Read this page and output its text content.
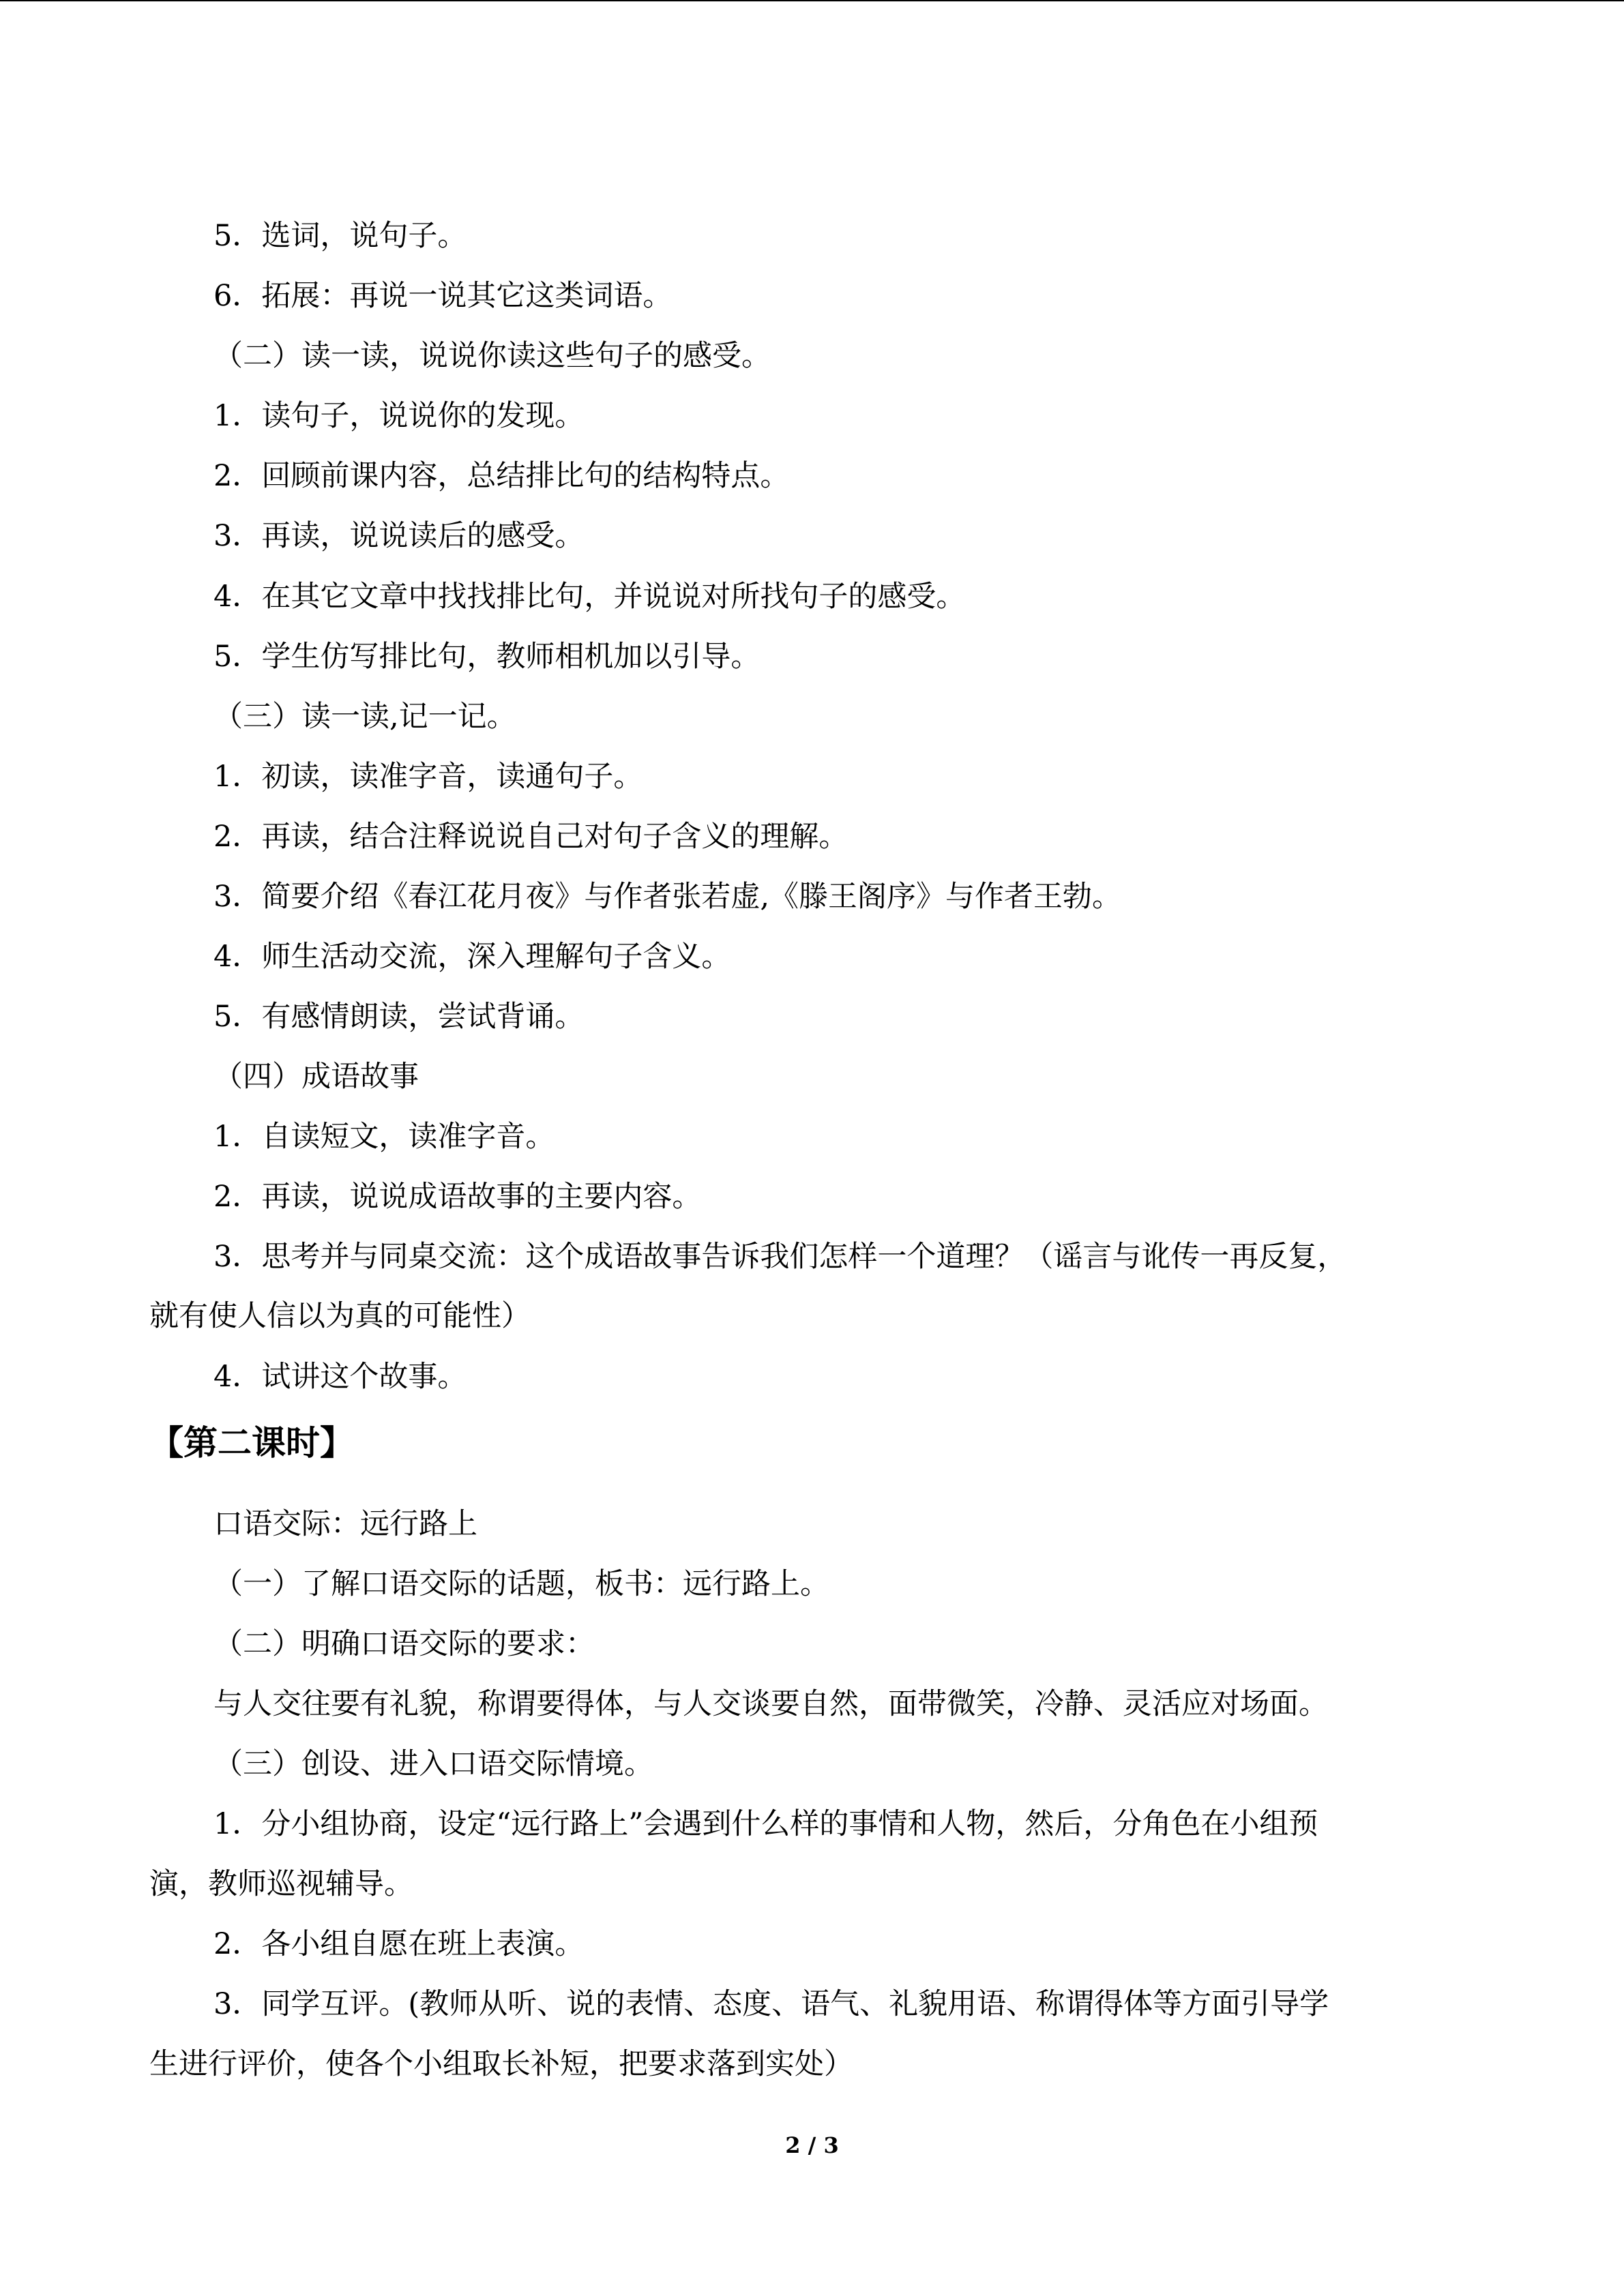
5．选词，说句子。
6．拓展：再说一说其它这类词语。
（二）读一读，说说你读这些句子的感受。
1．读句子，说说你的发现。
2．回顾前课内容，总结排比句的结构特点。
3．再读，说说读后的感受。
4．在其它文章中找找排比句，并说说对所找句子的感受。
5．学生仿写排比句，教师相机加以引导。
（三）读一读,记一记。
1．初读，读准字音，读通句子。
2．再读，结合注释说说自己对句子含义的理解。
3．简要介绍《春江花月夜》与作者张若虚,《滕王阁序》与作者王勃。
4．师生活动交流，深入理解句子含义。
5．有感情朗读，尝试背诵。
（四）成语故事
1．自读短文，读准字音。
2．再读，说说成语故事的主要内容。
3．思考并与同桌交流：这个成语故事告诉我们怎样一个道理？（谣言与讹传一再反复，
就有使人信以为真的可能性）
4．试讲这个故事。
【第二课时】
口语交际：远行路上
（一）了解口语交际的话题，板书：远行路上。
（二）明确口语交际的要求：
与人交往要有礼貌，称谓要得体，与人交谈要自然，面带微笑，冷静、灵活应对场面。
（三）创设、进入口语交际情境。
1．分小组协商，设定“远行路上”会遇到什么样的事情和人物，然后，分角色在小组预
演，教师巡视辅导。
2．各小组自愿在班上表演。
3．同学互评。(教师从听、说的表情、态度、语气、礼貌用语、称谓得体等方面引导学
生进行评价，使各个小组取长补短，把要求落到实处）
2 / 3
